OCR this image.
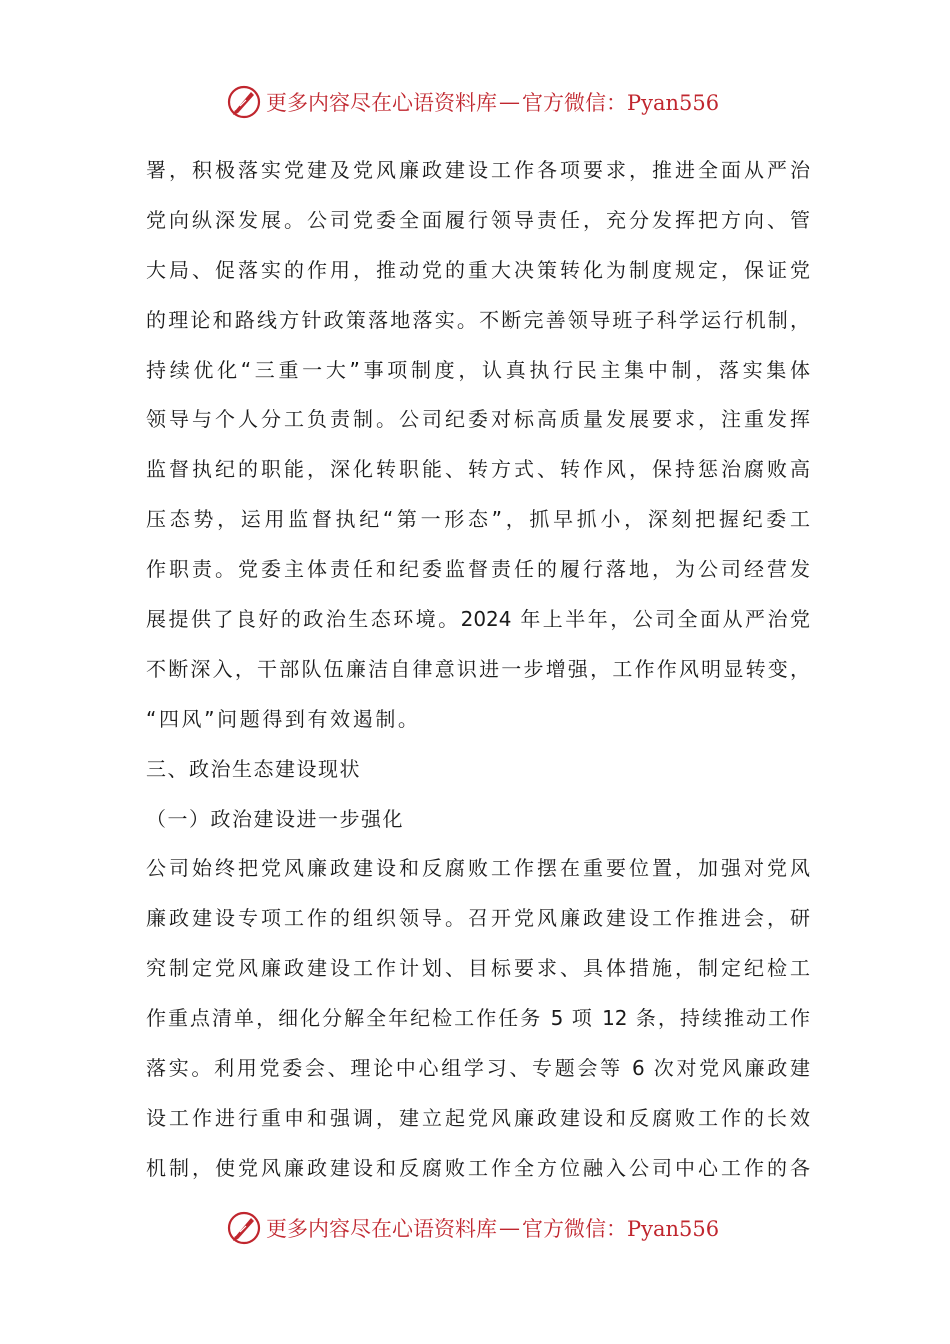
更多内容尽在心语资料库 — 官方微信：Pyan556
署，积极落实党建及党风廉政建设工作各项要求，推进全面从严治
党向纵深发展。公司党委全面履行领导责任，充分发挥把方向、管
大局、促落实的作用，推动党的重大决策转化为制度规定，保证党
的理论和路线方针政策落地落实。不断完善领导班子科学运行机制，
持续优化“三重一大”事项制度，认真执行民主集中制，落实集体
领导与个人分工负责制。公司纪委对标高质量发展要求，注重发挥
监督执纪的职能，深化转职能、转方式、转作风，保持惩治腐败高
压态势，运用监督执纪“第一形态”，抓早抓小，深刻把握纪委工
作职责。党委主体责任和纪委监督责任的履行落地，为公司经营发
展提供了良好的政治生态环境。2024 年上半年，公司全面从严治党
不断深入，干部队伍廉洁自律意识进一步增强，工作作风明显转变，
“四风”问题得到有效遏制。
三、政治生态建设现状
（一）政治建设进一步强化
公司始终把党风廉政建设和反腐败工作摆在重要位置，加强对党风
廉政建设专项工作的组织领导。召开党风廉政建设工作推进会，研
究制定党风廉政建设工作计划、目标要求、具体措施，制定纪检工
作重点清单，细化分解全年纪检工作任务 5 项 12 条，持续推动工作
落实。利用党委会、理论中心组学习、专题会等 6 次对党风廉政建
设工作进行重申和强调，建立起党风廉政建设和反腐败工作的长效
机制，使党风廉政建设和反腐败工作全方位融入公司中心工作的各
更多内容尽在心语资料库 — 官方微信：Pyan556
